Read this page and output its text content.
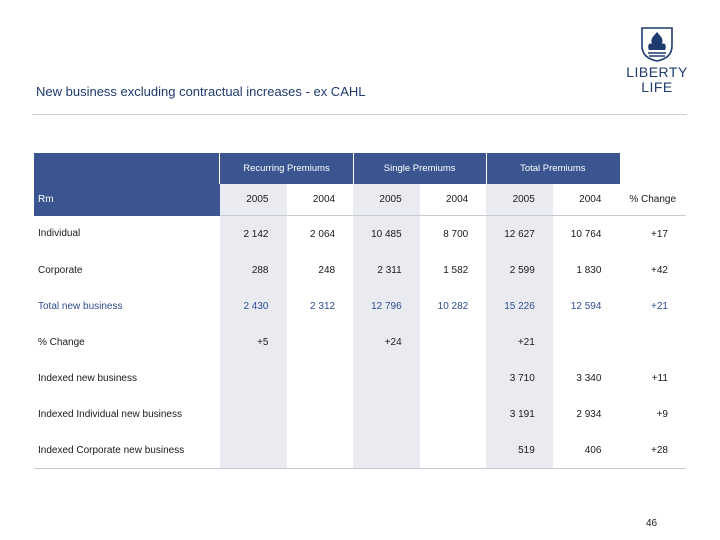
New business excluding contractual increases - ex CAHL
LIBERTY
LIFE
	Recurring Premiums		Single Premiums		Total Premiums		
Rm	2005	2004	2005	2004	2005	2004	% Change
Individual	2 142	2 064	10 485	8 700	12 627	10 764	+17
Corporate	288	248	2 311	1 582	2 599	1 830	+42
Total new business	2 430	2 312	12 796	10 282	15 226	12 594	+21
% Change	+5		+24		+21		
Indexed new business					3 710	3 340	+11
Indexed Individual new business					3 191	2 934	+9
Indexed Corporate new business					519	406	+28
46
